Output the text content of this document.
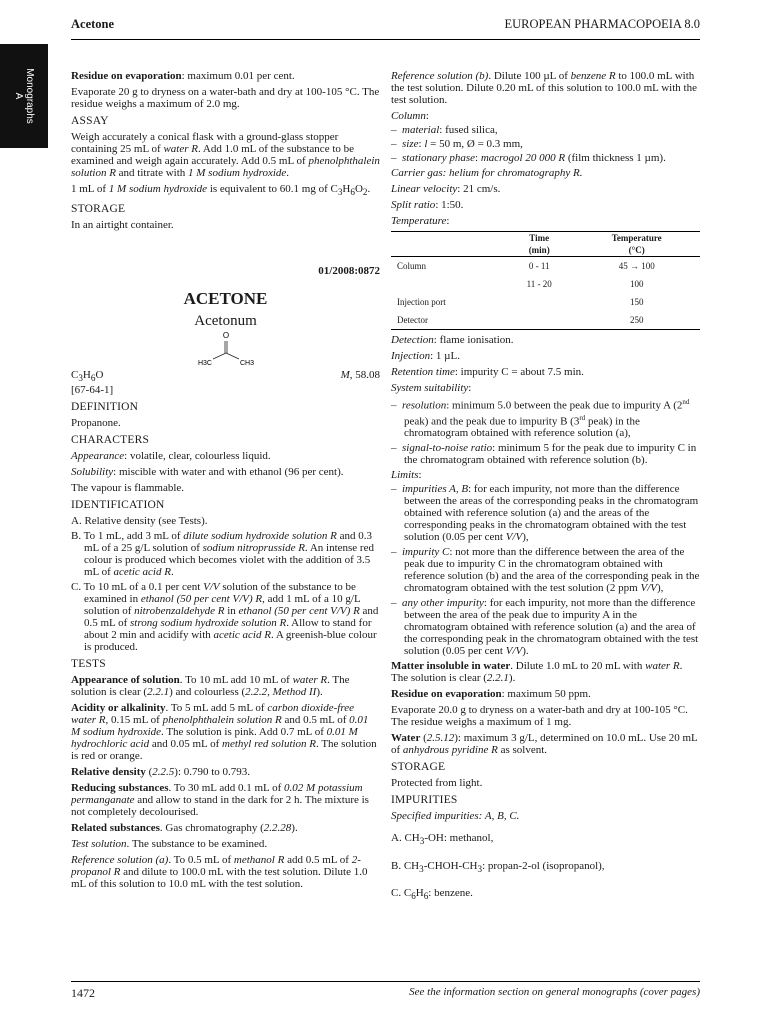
Acetone	EUROPEAN PHARMACOPOEIA 8.0
Monographs
A

Residue on evaporation: maximum 0.01 per cent.

Evaporate 20 g to dryness on a water-bath and dry at 100-105 °C. The residue weighs a maximum of 2.0 mg.

ASSAY

Weigh accurately a conical flask with a ground-glass stopper containing 25 mL of water R. Add 1.0 mL of the substance to be examined and weigh again accurately. Add 0.5 mL of phenolphthalein solution R and titrate with 1 M sodium hydroxide.

1 mL of 1 M sodium hydroxide is equivalent to 60.1 mg of $C_3H_6O_2$.

STORAGE

In an airtight container.

01/2008:0872
ACETONE
Acetonum
O
H3C	CH3
$C_3H_6O$	M, 58.08

[67-64-1]

DEFINITION

Propanone.

CHARACTERS

Appearance: volatile, clear, colourless liquid.

Solubility: miscible with water and with ethanol (96 per cent).

The vapour is flammable.

IDENTIFICATION

A. Relative density (see Tests).

B. To 1 mL, add 3 mL of dilute sodium hydroxide solution R and 0.3 mL of a 25 g/L solution of sodium nitroprusside R. An intense red colour is produced which becomes violet with the addition of 3.5 mL of acetic acid R.

C. To 10 mL of a 0.1 per cent V/V solution of the substance to be examined in ethanol (50 per cent V/V) R, add 1 mL of a 10 g/L solution of nitrobenzaldehyde R in ethanol (50 per cent V/V) R and 0.5 mL of strong sodium hydroxide solution R. Allow to stand for about 2 min and acidify with acetic acid R. A greenish-blue colour is produced.

TESTS

Appearance of solution. To 10 mL add 10 mL of water R. The solution is clear (2.2.1) and colourless (2.2.2, Method II).

Acidity or alkalinity. To 5 mL add 5 mL of carbon dioxide-free water R, 0.15 mL of phenolphthalein solution R and 0.5 mL of 0.01 M sodium hydroxide. The solution is pink. Add 0.7 mL of 0.01 M hydrochloric acid and 0.05 mL of methyl red solution R. The solution is red or orange.

Relative density (2.2.5): 0.790 to 0.793.

Reducing substances. To 30 mL add 0.1 mL of 0.02 M potassium permanganate and allow to stand in the dark for 2 h. The mixture is not completely decolourised.

Related substances. Gas chromatography (2.2.28).

Test solution. The substance to be examined.

Reference solution (a). To 0.5 mL of methanol R add 0.5 mL of 2-propanol R and dilute to 100.0 mL with the test solution. Dilute 1.0 mL of this solution to 10.0 mL with the test solution.

Reference solution (b). Dilute 100 µL of benzene R to 100.0 mL with the test solution. Dilute 0.20 mL of this solution to 100.0 mL with the test solution.

Column:

–  material: fused silica,

–  size: l = 50 m, Ø = 0.3 mm,

–  stationary phase: macrogol 20 000 R (film thickness 1 µm).

Carrier gas: helium for chromatography R.

Linear velocity: 21 cm/s.

Split ratio: 1:50.

Temperature:

	Time	Temperature
	(min)	(°C)
Column	0 - 11	45 → 100
	11 - 20	100
Injection port		150
Detector		250

Detection: flame ionisation.

Injection: 1 µL.

Retention time: impurity C = about 7.5 min.

System suitability:

–  resolution: minimum 5.0 between the peak due to impurity A (2nd peak) and the peak due to impurity B (3rd peak) in the chromatogram obtained with reference solution (a),

–  signal-to-noise ratio: minimum 5 for the peak due to impurity C in the chromatogram obtained with reference solution (b).

Limits:

–  impurities A, B: for each impurity, not more than the difference between the areas of the corresponding peaks in the chromatogram obtained with reference solution (a) and the areas of the corresponding peaks in the chromatogram obtained with the test solution (0.05 per cent V/V),

–  impurity C: not more than the difference between the area of the peak due to impurity C in the chromatogram obtained with reference solution (b) and the area of the corresponding peak in the chromatogram obtained with the test solution (2 ppm V/V),

–  any other impurity: for each impurity, not more than the difference between the area of the peak due to impurity A in the chromatogram obtained with reference solution (a) and the area of the corresponding peak in the chromatogram obtained with the test solution (0.05 per cent V/V).

Matter insoluble in water. Dilute 1.0 mL to 20 mL with water R. The solution is clear (2.2.1).

Residue on evaporation: maximum 50 ppm.

Evaporate 20.0 g to dryness on a water-bath and dry at 100-105 °C. The residue weighs a maximum of 1 mg.

Water (2.5.12): maximum 3 g/L, determined on 10.0 mL. Use 20 mL of anhydrous pyridine R as solvent.

STORAGE

Protected from light.

IMPURITIES

Specified impurities: A, B, C.

A. $CH_3-OH$: methanol,

B. $CH_3-CHOH-CH_3$: propan-2-ol (isopropanol),

C. $C_6H_6$: benzene.

1472	See the information section on general monographs (cover pages)
